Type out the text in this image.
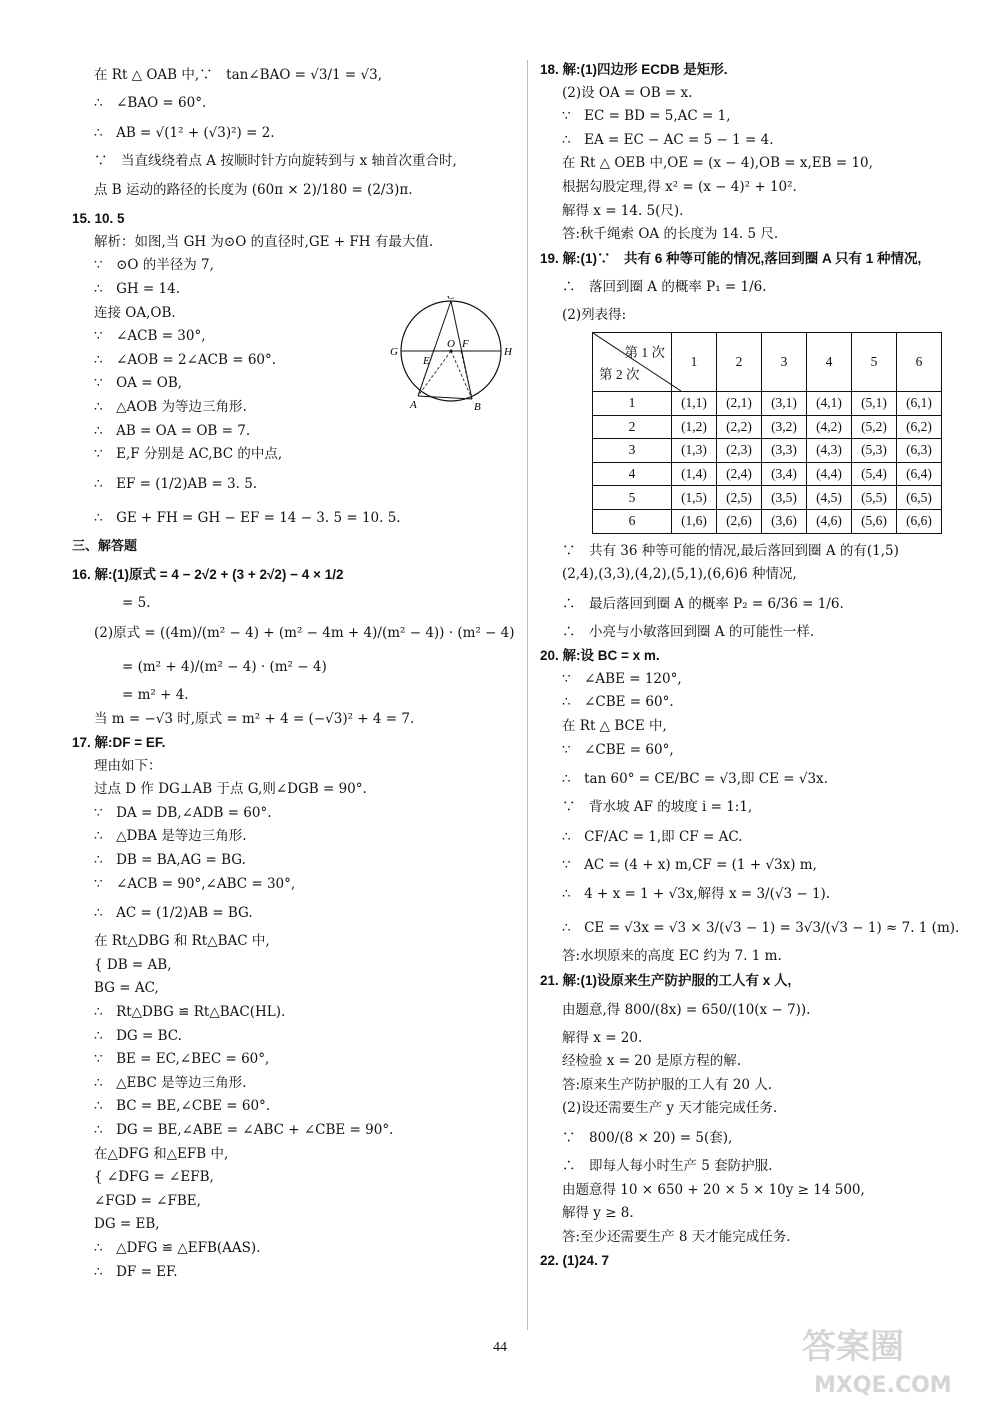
在 Rt △ OAB 中,∵　tan∠BAO = √3/1 = √3,
∴　∠BAO = 60°.
∴　AB = √(1² + (√3)²) = 2.
∵　当直线绕着点 A 按顺时针方向旋转到与 x 轴首次重合时,
点 B 运动的路径的长度为 (60π × 2)/180 = (2/3)π.
15. 10. 5
解析：如图,当 GH 为⊙O 的直径时,GE + FH 有最大值.
∵　⊙O 的半径为 7,
∴　GH = 14.
连接 OA,OB.
∵　∠ACB = 30°,
∴　∠AOB = 2∠ACB = 60°.
∵　OA = OB,
∴　△AOB 为等边三角形.
∴　AB = OA = OB = 7.
∵　E,F 分别是 AC,BC 的中点,
∴　EF = (1/2)AB = 3. 5.
∴　GE + FH = GH − EF = 14 − 3. 5 = 10. 5.
三、解答题
16. 解:(1)原式 = 4 − 2√2 + (3 + 2√2) − 4 × 1/2
= 5.
(2)原式 = ((4m)/(m² − 4) + (m² − 4m + 4)/(m² − 4)) · (m² − 4)
= (m² + 4)/(m² − 4) · (m² − 4)
= m² + 4.
当 m = −√3 时,原式 = m² + 4 = (−√3)² + 4 = 7.
17. 解:DF = EF.
理由如下：
过点 D 作 DG⊥AB 于点 G,则∠DGB = 90°.
∵　DA = DB,∠ADB = 60°.
∴　△DBA 是等边三角形.
∴　DB = BA,AG = BG.
∵　∠ACB = 90°,∠ABC = 30°,
∴　AC = (1/2)AB = BG.
在 Rt△DBG 和 Rt△BAC 中,
{ DB = AB,
BG = AC,
∴　Rt△DBG ≌ Rt△BAC(HL).
∴　DG = BC.
∵　BE = EC,∠BEC = 60°,
∴　△EBC 是等边三角形.
∴　BC = BE,∠CBE = 60°.
∴　DG = BE,∠ABE = ∠ABC + ∠CBE = 90°.
在△DFG 和△EFB 中,
{ ∠DFG = ∠EFB,
∠FGD = ∠FBE,
DG = EB,
∴　△DFG ≌ △EFB(AAS).
∴　DF = EF.
C
G	H
O F
E
A	B
18. 解:(1)四边形 ECDB 是矩形.
(2)设 OA = OB = x.
∵　EC = BD = 5,AC = 1,
∴　EA = EC − AC = 5 − 1 = 4.
在 Rt △ OEB 中,OE = (x − 4),OB = x,EB = 10,
根据勾股定理,得 x² = (x − 4)² + 10².
解得 x = 14. 5(尺).
答:秋千绳索 OA 的长度为 14. 5 尺.
19. 解:(1)∵　共有 6 种等可能的情况,落回到圈 A 只有 1 种情况,
∴　落回到圈 A 的概率 P₁ = 1/6.
(2)列表得:
第 1 次
第 2 次	1	2	3	4	5	6
1	(1,1)	(2,1)	(3,1)	(4,1)	(5,1)	(6,1)
2	(1,2)	(2,2)	(3,2)	(4,2)	(5,2)	(6,2)
3	(1,3)	(2,3)	(3,3)	(4,3)	(5,3)	(6,3)
4	(1,4)	(2,4)	(3,4)	(4,4)	(5,4)	(6,4)
5	(1,5)	(2,5)	(3,5)	(4,5)	(5,5)	(6,5)
6	(1,6)	(2,6)	(3,6)	(4,6)	(5,6)	(6,6)
∵　共有 36 种等可能的情况,最后落回到圈 A 的有(1,5)
(2,4),(3,3),(4,2),(5,1),(6,6)6 种情况,
∴　最后落回到圈 A 的概率 P₂ = 6/36 = 1/6.
∴　小亮与小敏落回到圈 A 的可能性一样.
20. 解:设 BC = x m.
∵　∠ABE = 120°,
∴　∠CBE = 60°.
在 Rt △ BCE 中,
∵　∠CBE = 60°,
∴　tan 60° = CE/BC = √3,即 CE = √3x.
∵　背水坡 AF 的坡度 i = 1:1,
∴　CF/AC = 1,即 CF = AC.
∵　AC = (4 + x) m,CF = (1 + √3x) m,
∴　4 + x = 1 + √3x,解得 x = 3/(√3 − 1).
∴　CE = √3x = √3 × 3/(√3 − 1) = 3√3/(√3 − 1) ≈ 7. 1 (m).
答:水坝原来的高度 EC 约为 7. 1 m.
21. 解:(1)设原来生产防护服的工人有 x 人,
由题意,得 800/(8x) = 650/(10(x − 7)).
解得 x = 20.
经检验 x = 20 是原方程的解.
答:原来生产防护服的工人有 20 人.
(2)设还需要生产 y 天才能完成任务.
∵　800/(8 × 20) = 5(套),
∴　即每人每小时生产 5 套防护服.
由题意得 10 × 650 + 20 × 5 × 10y ≥ 14 500,
解得 y ≥ 8.
答:至少还需要生产 8 天才能完成任务.
22. (1)24. 7
44	答案圈
MXQE.COM
